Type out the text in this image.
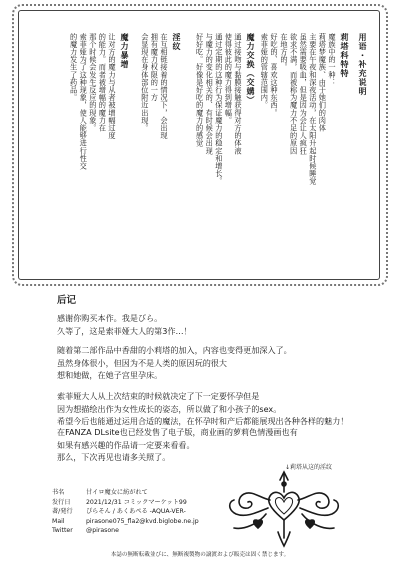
用语・补充说明
莉塔科特特
魔族中的一种：
莉塔梦魔族、由于她们的肉体
主要在午夜和深夜活动，在太阳升起时候睡觉
虽然需要吸血，但是因为会让人疯狂
欲求不满，而被称为魔力不足的原因
在地方的。
好吃的、喜欢这种东西。
索菲娅的管辖范围内。
魔力交换（交媾）
通过接吻与黏膜接触获得对方的体液
使得彼此的魔力得到增幅。
通过定期的这种行为保证魔力的稳定和增长。
与魔力的变化相关的、有时候会出现
好好吃。好像是好吃的魔力的感觉
淫纹
在互相链接着的情况下，会出现
拥有魔力权限的一方
会显现在身体部位附近出现。
魔力暴增
让对方的魔力与从者被增幅过度
的能力。而者被增幅的魔力在
那个时候会发生反应的现象。
索菲娅为了这种现象，使人能够进行性交
的魔力发生了药品。
后记
感谢你购买本作。我是びら。
久等了，这是索菲娅大人的第3作…！
随着第二部作品中香甜的小莉塔的加入，内容也变得更加深入了。
虽然身体很小，但因为不是人类的原因玩的很大
想和她做，在她子宫里孕床。
索菲娅大人从上次结束的时候就决定了下一定要怀孕但是
因为想描绘出作为女性成长的姿态，所以做了和小孩子的sex。
希望今后也能通过运用合适的魔法，在怀孕时和产后都能展现出各种各样的魅力！
在FANZA DLsite也已经发售了电子版，商业画的萝莉色情漫画也有
如果有感兴趣的作品请一定要来看看。
那么，下次再见也请多关照了。
↓莉塔从这的淫纹
书名	甘イロ魔女に紡がれて
发行日	2021/12/31 コミックマーケット99
著/発行	ぴらそん / あくあぺる -AQUA-VER-
Mail	pirasone075_fla2@kvd.biglobe.ne.jp
Twitter	@pirasone
本誌の無断転載並びに、無断複製物の譲渡および販売は固く禁じます。
